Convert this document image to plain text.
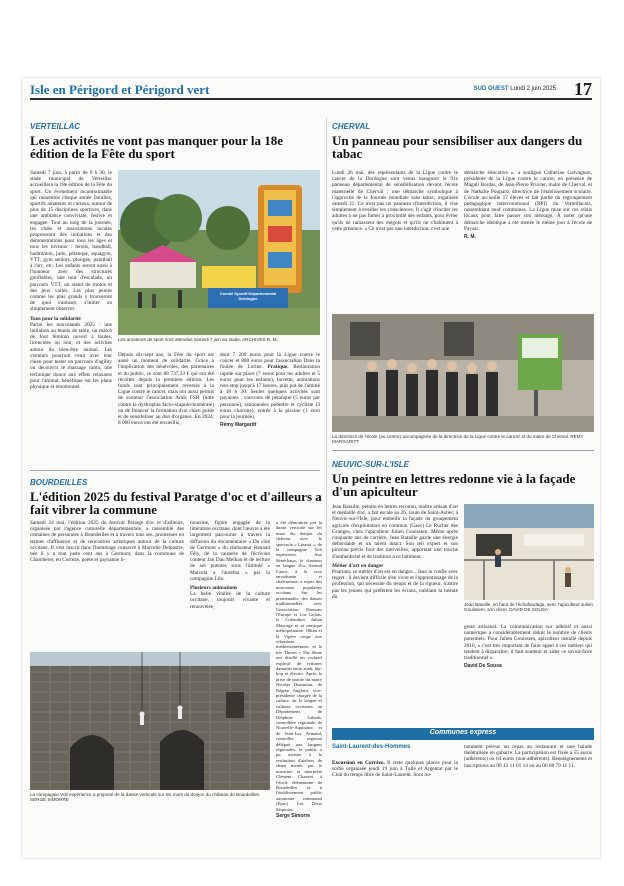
Isle en Périgord et Périgord vert	SUD OUEST Lundi 2 juin 2025 17
VERTEILLAC
Les activités ne vont pas manquer pour la 18e édition de la Fête du sport
Samedi 7 juin, à partir de 9 h 30, le stade municipal de Verteillac accueillera la 18e édition de la Fête du sport. Un événement incontournable qui rassemble chaque année familles, sportifs amateurs et curieux, autour de plus de 15 disciplines sportives, dans une ambiance conviviale, festive et engagée. Tout au long de la journée, les clubs et associations locales proposeront des initiations et des démonstrations pour tous les âges et tous les niveaux : tennis, handball, badminton, judo, pétanque, aquagym, VTT, gym seniors, plongée, paintball à l'arc, etc. Les enfants seront aussi à l'honneur avec des structures gonflables, une tour d'escalade, un parcours VTT, un stand de motos et des jeux variés. Les plus jeunes comme les plus grands y trouveront de quoi s'amuser, s'initier ou simplement observer.
Tous pour la solidarité
Parmi les nouveautés 2025 : une initiation au tennis de table, un match de foot féminin ouvert à toutes, licenciées ou non, et des activités autour du bien-être animal. Les visiteurs pourront venir avec leur chien pour tester un parcours d'agility ou découvrir le massage canin, une technique douce aux effets relaxants pour l'animal, bénéfique sur les plans physique et émotionnel.
Comité Sportif Départemental Dordogne
Les amateurs de sport sont attendus samedi 7 juin au stade. ARCHIVES R. M.
Depuis dix-sept ans, la Fête du sport est aussi un moment de solidarité. Grâce à l'implication des bénévoles, des partenaires et du public, ce sont 88 737,33 € qui ont été récoltés depuis la première édition. Les fonds sont principalement reversés à la Ligue contre le cancer, mais ont aussi permis de soutenir l'association Amis FSH (lutte contre la dystrophie facio-scapulo-humérale) ou de financer la formation d'un chien guide et de sensibiliser au don d'organes. En 2024, 8 000 euros ont été recueillis,
dont 7 200 euros pour la Ligue contre le cancer et 800 euros pour l'association Dans la foulée de Lorine. Pratique. Restauration rapide sur place (7 euros pour les adultes et 5 euros pour les enfants), buvette, animations non-stop jusqu'à 17 heures, puis pot de l'amitié à 18 h 30. Seules quelques activités sont payantes : concours de pétanque (5 euros par personne), randonnées pédestre et cycliste (3 euros chacune), entrée à la piscine (1 euro pour la journée).
Rémy Margaritt
CHERVAL
Un panneau pour sensibiliser aux dangers du tabac
Lundi 26 mai, des représentants de la Ligue contre le cancer de la Dordogne sont venus inaugurer le 91e panneau départemental de sensibilisation devant l'école maternelle de Cherval ; une démarche symbolique à l'approche de la Journée mondiale sans tabac, organisée samedi 31. Ce n'est pas un panneau d'interdiction, il vise simplement à éveiller les consciences. Il s'agit d'inciter les adultes à ne pas fumer à proximité des enfants, pour éviter qu'ils ne ramassent des mégots et qu'ils ne s'habituent à cette présence. « Ce n'est pas une interdiction, c'est une
démarche éducative », a souligné Catherine Galvagnon, présidente de la Ligue contre le cancer, en présence de Magali Bordas, de Jean-Pierre Pruvier, maire de Cherval, et de Nathalie Poupard, directrice de l'établissement scolaire. L'école accueille 17 élèves et fait partie du regroupement pédagogique intercommunal (RPI) du Verteillacois, rassemblant neuf communes. La Ligue mise sur ces relais locaux pour faire passer son message. À noter qu'une démarche identique a été menée le même jour à l'école de Paysac.
R. M.
La directrice de l'école (au centre) accompagnée de la directrice de la Ligue contre le cancer et du maire de Cherval. RÉMY MARGARITT
BOURDEILLES
L'édition 2025 du festival Paratge d'oc et d'ailleurs a fait vibrer la commune
Samedi 24 mai, l'édition 2025 du festival Paratge d'oc et d'ailleurs, organisée par l'agence culturelle départementale, a rassemblé des centaines de personnes à Bourdeilles et à travers tous ses, promesses en termes d'affluence et de rencontres artistiques autour de la culture occitane. Il s'est inscrit dans l'hommage consacré à Marcelle Delpastre, née il y a tout juste cent ans à Germont, dans la commune de Chamberet, en Corrèze, poète et paysanne li-
mousine, figure engagée de la littérature occitane, dont l'œuvre a été largement parcourue à travers la diffusion du documentaire « Du côté de Germont » du réalisateur Renaud Fély, de la causerie de l'écrivain conteur Jan Dau Melhau et de lecture de ses poèmes sous l'intitulé « Marcela a l'aurelha » par la compagnie Lilo.
Plusieurs animations
La belle vitalité de la culture occitane, toujours vivante et renouvelée,
a été démontrée par la danse verticale sur les murs du donjon du château avec le spectacle « Linaria », de la compagnie Volt expérience. Aux Sénéchaux, le chanteur en langue d'oc Arnaud Cance, à la voix envoûtante et chaleureuse, a repris des morceaux populaires occitans. Sur les promenades, des danses traditionnelles avec l'association Dansons l'Europe et Los Golats, le Colombier Julian Mayorga et sa musique métropolitaine. Olkan et la Vipère rouge aux vibrations méditerranéennes, et le trio Throes + The Shine ont distillé un cocktail explosif de rythmes dansants entre zouk, hip-hop et électro. Après la prise de parole du maire Nicolas Dussutour, de Régine Anglard, vice-présidente chargée de la culture, de la langue et cultures occitanes au Département, de Delphine Labails, conseillère régionale de Nouvelle-Aquitaine, et de Jean-Luc Armand, conseiller régional délégué aux langues régionales, le public a pu assister à la restitution d'ateliers de chant menés par le musicien et interprète Clément Chauvet à l'école élémentaire de Bourdeilles et à l'établissement public autonome communal (Epac) Les Deux Séquoias.
Serge Simorre
La compagnie Volt expérience a proposé de la danse verticale sur les murs du donjon du château de Bourdeilles. SERGE SIMORRE
NEUVIC-SUR-L'ISLE
Un peintre en lettres redonne vie à la façade d'un apiculteur
Jean Bataille, peintre en lettres reconnu, maître artisan d'art et médaillé d'or, a fait escale au 26, route de Saint-Astier, à Neuvic-sur-l'Isle, pour embellir la façade du groupement agricole d'exploitation en commun (Gaec) Le Rucher des Granges, chez l'apiculteur Julien Gouissem. Même après cinquante ans de carrière, Jean Bataille garde une énergie débordante et un talent intact. Son œil expert et son pinceau précis font des merveilles, apportant une touche d'authenticité et de tradition à ce bâtiment.
Métier d'art en danger
Pourtant, ce métier d'art est en danger... Jean le confie avec regret : il devient difficile d'en vivre et l'apprentissage de la profession, qui nécessite du temps et de la rigueur, n'attire pas les jeunes qui préfèrent les écrans, oubliant la beauté du
Jean Bataille, en haut de l'échafaudage, avec l'apiculteur Julien Gouissem, son client. DAVID DE SOUSA
geste artisanal. La communication sur adhésif et aussi numérique a considérablement réduit le nombre de clients potentiels. Pour Julien Gouissem, apiculteur installé depuis 2010, « c'est très important de faire appel à ces métiers qui tendent à disparaître, il faut soutenir et aider ce savoir-faire traditionnel ».
David De Sousa
Communes express
Saint-Laurent-des-Hommes
Excursion en Corrèze. Il reste quelques places pour la sortie organisée jeudi 19 juin à Tulle et Argentat par le Club du temps libre de Saint-Laurent. Sont no-
tamment prévus un repas au restaurant et une balade théâtralisée en gabarre. La participation est fixée à 55 euros (adhérents) ou 64 euros (non-adhérents). Renseignements et inscriptions au 06 12 11 01 14 ou au 06 68 79 11 11.
